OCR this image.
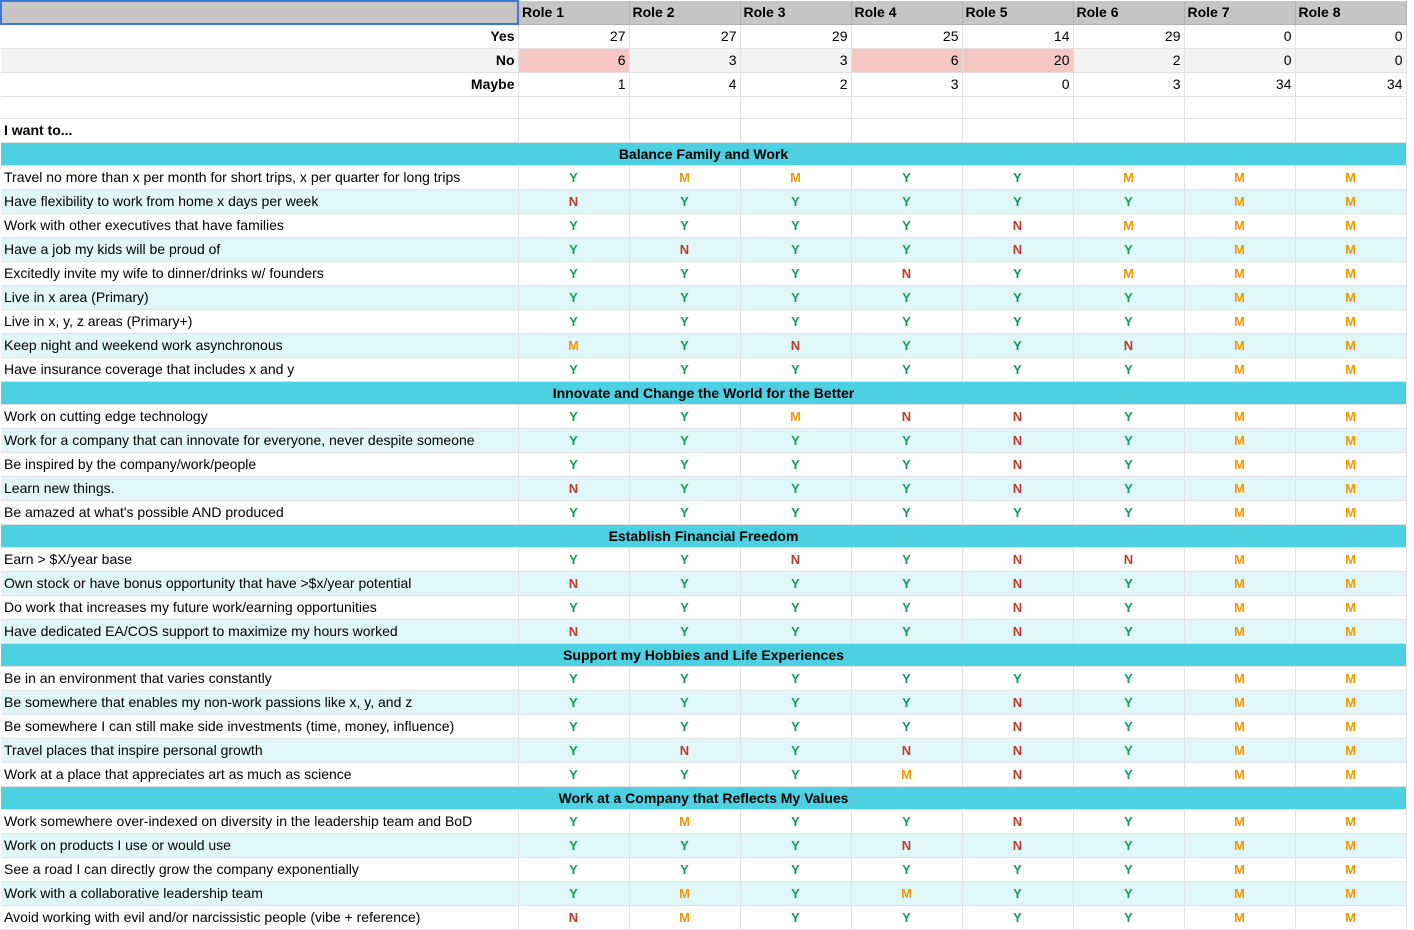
	Role 1	Role 2	Role 3	Role 4	Role 5	Role 6	Role 7	Role 8
Yes	27	27	29	25	14	29	0	0
No	6	3	3	6	20	2	0	0
Maybe	1	4	2	3	0	3	34	34

I want to...								
Balance Family and Work								
Travel no more than x per month for short trips, x per quarter for long trips	Y	M	M	Y	Y	M	M	M
Have flexibility to work from home x days per week	N	Y	Y	Y	Y	Y	M	M
Work with other executives that have families	Y	Y	Y	Y	N	M	M	M
Have a job my kids will be proud of	Y	N	Y	Y	N	Y	M	M
Excitedly invite my wife to dinner/drinks w/ founders	Y	Y	Y	N	Y	M	M	M
Live in x area (Primary)	Y	Y	Y	Y	Y	Y	M	M
Live in x, y, z areas (Primary+)	Y	Y	Y	Y	Y	Y	M	M
Keep night and weekend work asynchronous	M	Y	N	Y	Y	N	M	M
Have insurance coverage that includes x and y	Y	Y	Y	Y	Y	Y	M	M
Innovate and Change the World for the Better								
Work on cutting edge technology	Y	Y	M	N	N	Y	M	M
Work for a company that can innovate for everyone, never despite someone	Y	Y	Y	Y	N	Y	M	M
Be inspired by the company/work/people	Y	Y	Y	Y	N	Y	M	M
Learn new things.	N	Y	Y	Y	N	Y	M	M
Be amazed at what's possible AND produced	Y	Y	Y	Y	Y	Y	M	M
Establish Financial Freedom								
Earn > $X/year base	Y	Y	N	Y	N	N	M	M
Own stock or have bonus opportunity that have >$x/year potential	N	Y	Y	Y	N	Y	M	M
Do work that increases my future work/earning opportunities	Y	Y	Y	Y	N	Y	M	M
Have dedicated EA/COS support to maximize my hours worked	N	Y	Y	Y	N	Y	M	M
Support my Hobbies and Life Experiences								
Be in an environment that varies constantly	Y	Y	Y	Y	Y	Y	M	M
Be somewhere that enables my non-work passions like x, y, and z	Y	Y	Y	Y	N	Y	M	M
Be somewhere I can still make side investments (time, money, influence)	Y	Y	Y	Y	N	Y	M	M
Travel places that inspire personal growth	Y	N	Y	N	N	Y	M	M
Work at a place that appreciates art as much as science	Y	Y	Y	M	N	Y	M	M
Work at a Company that Reflects My Values								
Work somewhere over-indexed on diversity in the leadership team and BoD	Y	M	Y	Y	N	Y	M	M
Work on products I use or would use	Y	Y	Y	N	N	Y	M	M
See a road I can directly grow the company exponentially	Y	Y	Y	Y	Y	Y	M	M
Work with a collaborative leadership team	Y	M	Y	M	Y	Y	M	M
Avoid working with evil and/or narcissistic people (vibe + reference)	N	M	Y	Y	Y	Y	M	M
